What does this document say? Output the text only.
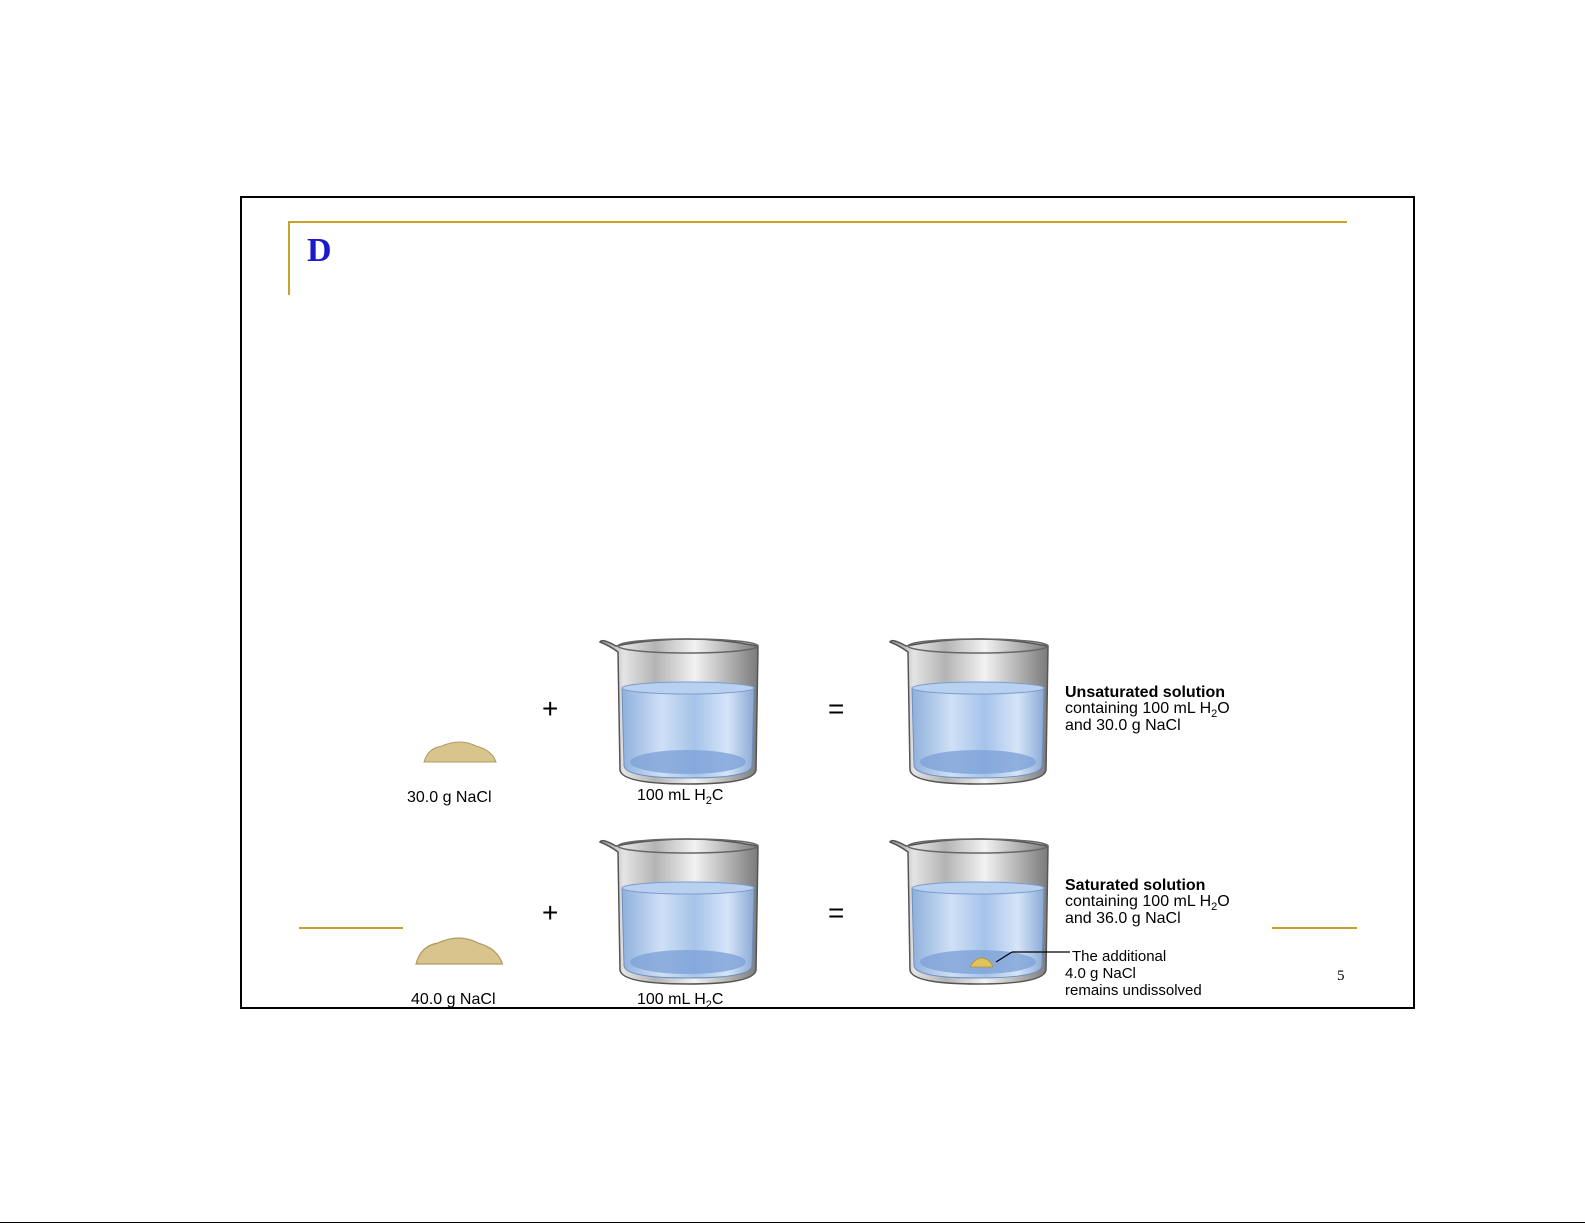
D
5
30.0 g NaCl
+
100 mL $H_2C$
=
Unsaturated solution
containing 100 mL $H_2O$
and 30.0 g NaCl
40.0 g NaCl
+
100 mL $H_2C$
=
Saturated solution
containing 100 mL $H_2O$
and 36.0 g NaCl
The additional
4.0 g NaCl
remains undissolved
